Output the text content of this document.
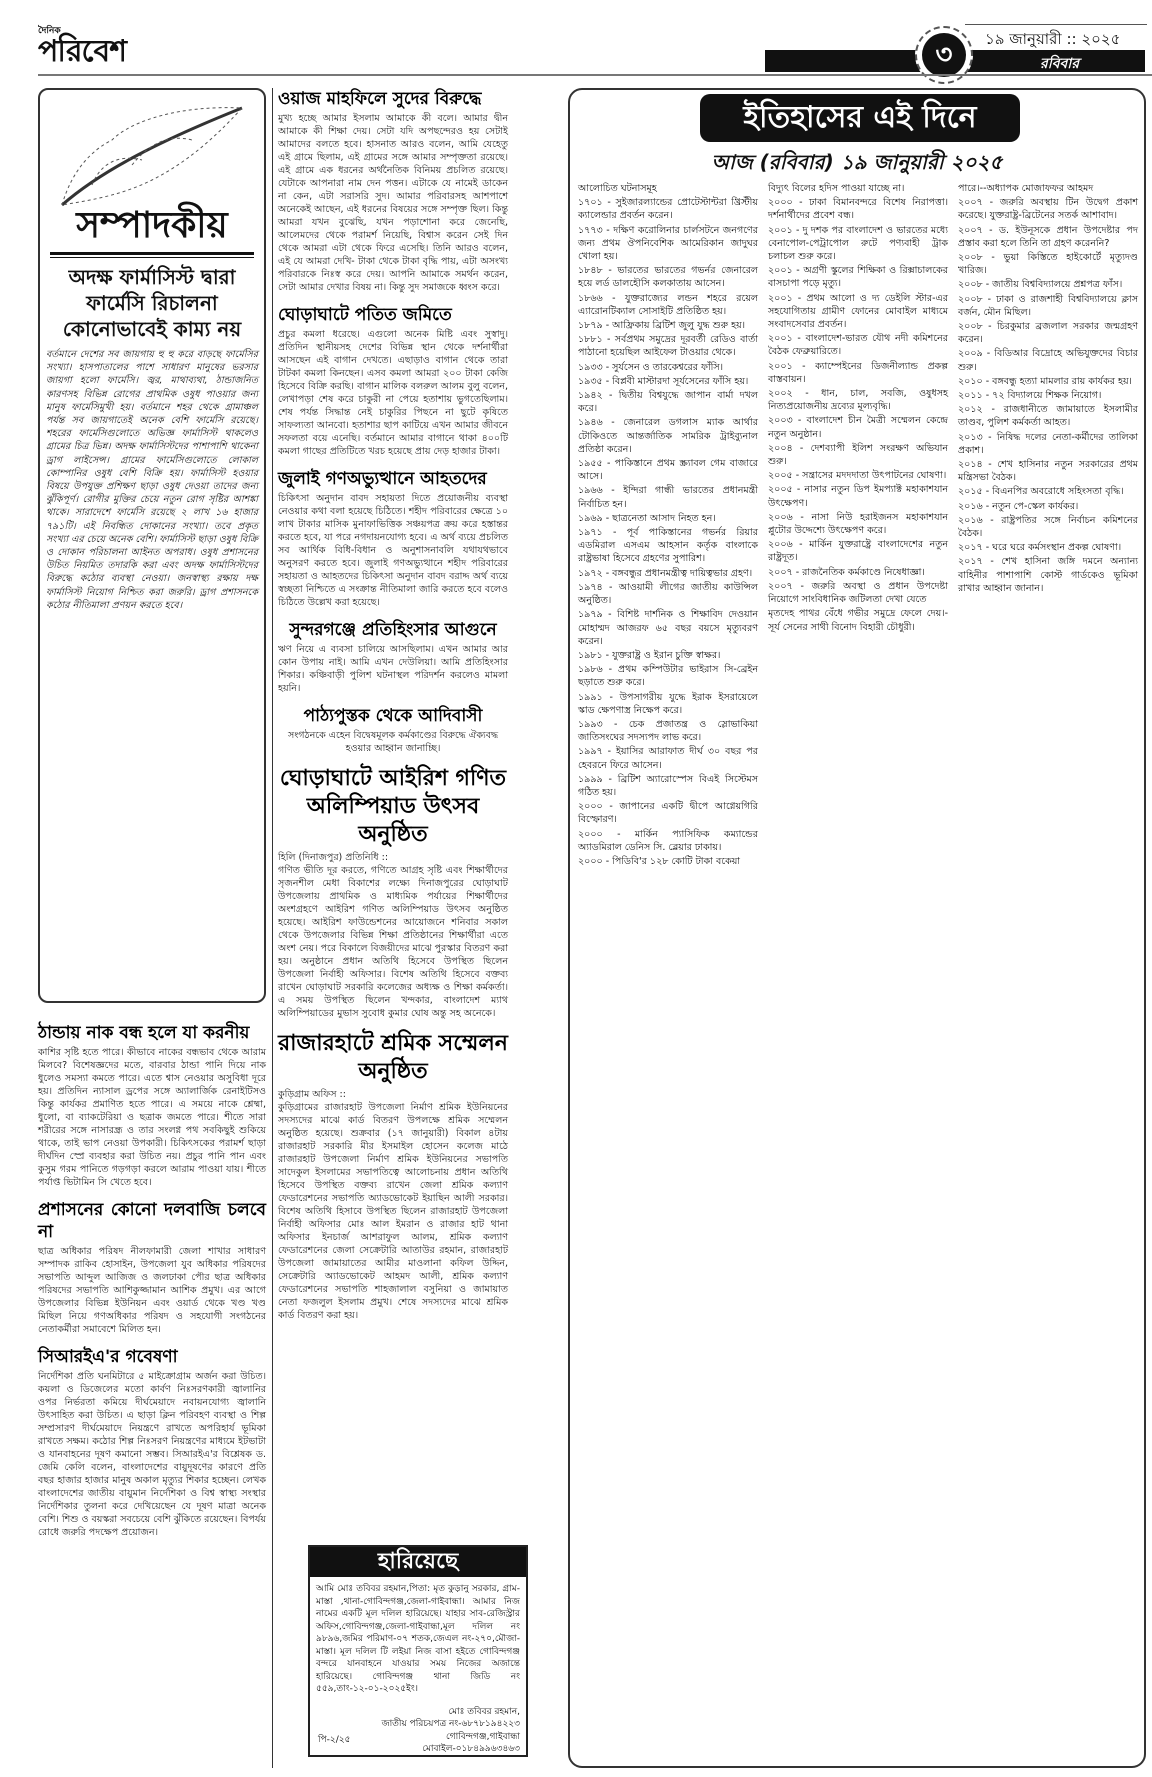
দৈনিক
পরিবেশ	৩
১৯ জানুয়ারী :: ২০২৫
রবিবার
সম্পাদকীয়
অদক্ষ ফার্মাসিস্ট দ্বারা ফার্মেসি রিচালনা কোনোভাবেই কাম্য নয়
বর্তমানে দেশের সব জায়গায় হু হু করে বাড়ছে ফার্মেসির সংখ্যা। হাসপাতালের পাশে সাধারণ মানুষের ভরসার জায়গা হলো ফার্মেসি। জ্বর, মাথাব্যথা, ঠান্ডাজনিত কারণসহ বিভিন্ন রোগের প্রাথমিক ওষুধ পাওয়ার জন্য মানুষ ফার্মেসিমুখী হয়। বর্তমানে শহর থেকে গ্রামাঞ্চল পর্যন্ত সব জায়গাতেই অনেক বেশি ফার্মেসি রয়েছে। শহরের ফার্মেসিগুলোতে অভিজ্ঞ ফার্মাসিস্ট থাকলেও গ্রামের চিত্র ভিন্ন। অদক্ষ ফার্মাসিস্টদের পাশাপাশি থাকেনা ড্রাগ লাইসেন্স। গ্রামের ফার্মেসিগুলোতে লোকাল কোম্পানির ওষুধ বেশি বিক্রি হয়। ফার্মাসিস্ট হওয়ার বিষয়ে উপযুক্ত প্রশিক্ষণ ছাড়া ওষুধ দেওয়া তাদের জন্য ঝুঁকিপূর্ণ। রোগীর মুক্তির চেয়ে নতুন রোগ সৃষ্টির আশঙ্কা থাকে। সারাদেশে ফার্মেসি রয়েছে ২ লাখ ১৬ হাজার ৭৯১টি। এই নিবন্ধিত দোকানের সংখ্যা। তবে প্রকৃত সংখ্যা এর চেয়ে অনেক বেশি। ফার্মাসিস্ট ছাড়া ওষুধ বিক্রি ও দোকান পরিচালনা আইনত অপরাধ। ওষুধ প্রশাসনের উচিত নিয়মিত তদারকি করা এবং অদক্ষ ফার্মাসিস্টদের বিরুদ্ধে কঠোর ব্যবস্থা নেওয়া। জনস্বাস্থ্য রক্ষায় দক্ষ ফার্মাসিস্ট নিয়োগ নিশ্চিত করা জরুরি। ড্রাগ প্রশাসনকে কঠোর নীতিমালা প্রণয়ন করতে হবে।
ঠান্ডায় নাক বন্ধ হলে যা করনীয়
কাশির সৃষ্টি হতে পারে। কীভাবে নাকের বন্ধভাব থেকে আরাম মিলবে? বিশেষজ্ঞদের মতে, বারবার ঠান্ডা পানি দিয়ে নাক ধুলেও সমস্যা কমতে পারে। এতে শ্বাস নেওয়ার অসুবিধা দূরে হয়। প্রতিদিন ন্যাসাল ড্রপের সঙ্গে অ্যালার্জিক রেনাইটিসও কিন্তু কার্যকর প্রমাণিত হতে পারে। এ সময়ে নাকে শ্লেষ্মা, ধুলো, বা ব্যাকটেরিয়া ও ছত্রাক জমতে পারে। শীতে সারা শরীরের সঙ্গে নাসারন্ধ্র ও তার সংলগ্ন পথ সবকিছুই শুকিয়ে থাকে, তাই ভাপ নেওয়া উপকারী। চিকিৎসকের পরামর্শ ছাড়া দীর্ঘদিন স্প্রে ব্যবহার করা উচিত নয়। প্রচুর পানি পান এবং কুসুম গরম পানিতে গড়গড়া করলে আরাম পাওয়া যায়। শীতে পর্যাপ্ত ভিটামিন সি খেতে হবে।
প্রশাসনের কোনো দলবাজি চলবে না
ছাত্র অধিকার পরিষদ নীলফামারী জেলা শাখার সাধারণ সম্পাদক রাকিব হোসাইন, উপজেলা যুব অধিকার পরিষদের সভাপতি আব্দুল আজিজ ও জলঢাকা পৌর ছাত্র অধিকার পরিষদের সভাপতি আশিকুজ্জামান আশিক প্রমুখ। এর আগে উপজেলার বিভিন্ন ইউনিয়ন এবং ওয়ার্ড থেকে খণ্ড খণ্ড মিছিল নিয়ে গণঅধিকার পরিষদ ও সহযোগী সংগঠনের নেতাকর্মীরা সমাবেশে মিলিত হন।
সিআরইএ'র গবেষণা
নির্দেশিকা প্রতি ঘনমিটারে ৫ মাইক্রোগ্রাম অর্জন করা উচিত। কয়লা ও ডিজেলের মতো কার্বণ নিঃসরণকারী জ্বালানির ওপর নির্ভরতা কমিয়ে দীর্ঘমেয়াদে নবায়নযোগ্য জ্বালানি উৎসাহিত করা উচিত। এ ছাড়া ক্লিন পরিবহণ ব্যবস্থা ও শিল্প সম্প্রসারণ দীর্ঘমেয়াদে নিয়ন্ত্রণে রাখতে অপরিহার্য ভূমিকা রাখতে সক্ষম। কঠোর শিল্প নিঃসরণ নিয়ন্ত্রণের মাধ্যমে ইটভাটা ও যানবাহনের দূষণ কমানো সম্ভব। সিআরইএ'র বিশ্লেষক ড. জেমি কেলি বলেন, বাংলাদেশের বায়ুদূষণের কারণে প্রতি বছর হাজার হাজার মানুষ অকাল মৃত্যুর শিকার হচ্ছেন। লেখক বাংলাদেশের জাতীয় বায়ুমান নির্দেশিকা ও বিশ্ব স্বাস্থ্য সংস্থার নির্দেশিকার তুলনা করে দেখিয়েছেন যে দূষণ মাত্রা অনেক বেশি। শিশু ও বয়স্করা সবচেয়ে বেশি ঝুঁকিতে রয়েছেন। বিপর্যয় রোধে জরুরি পদক্ষেপ প্রয়োজন।
ওয়াজ মাহফিলে সুদের বিরুদ্ধে
মুখ্য হচ্ছে আমার ইসলাম আমাকে কী বলে। আমার দ্বীন আমাকে কী শিক্ষা দেয়। সেটা যদি অপছন্দেরও হয় সেটাই আমাদের বলতে হবে। হাসনাত আরও বলেন, আমি যেহেতু এই গ্রামে ছিলাম, এই গ্রামের সঙ্গে আমার সম্পৃক্ততা রয়েছে। এই গ্রামে এক ধরনের অর্থনৈতিক বিনিময় প্রচলিত রয়েছে। যেটাকে আপনারা নাম দেন পত্তন। এটাকে যে নামেই ডাকেন না কেন, এটা সরাসরি সুদ। আমার পরিবারসহ আশপাশে অনেকেই আছেন, এই ধরনের বিষয়ের সঙ্গে সম্পৃক্ত ছিল। কিন্তু আমরা যখন বুঝেছি, যখন পড়াশোনা করে জেনেছি, আলেমদের থেকে পরামর্শ নিয়েছি, বিশ্বাস করেন সেই দিন থেকে আমরা এটা থেকে ফিরে এসেছি। তিনি আরও বলেন, এই যে আমরা দেখি- টাকা থেকে টাকা বৃদ্ধি পায়, এটা অসংখ্য পরিবারকে নিঃস্ব করে দেয়। আপনি আমাকে সমর্থন করেন, সেটা আমার দেখার বিষয় না। কিন্তু সুদ সমাজকে ধ্বংস করে।
ঘোড়াঘাটে পতিত জমিতে
প্রচুর কমলা ধরেছে। এগুলো অনেক মিষ্টি এবং সুস্বাদু। প্রতিদিন স্থানীয়সহ দেশের বিভিন্ন স্থান থেকে দর্শনার্থীরা আসছেন এই বাগান দেখতে। এছাড়াও বাগান থেকে তারা টাটকা কমলা কিনছেন। এসব কমলা আমরা ২০০ টাকা কেজি হিসেবে বিক্রি করছি। বাগান মালিক বলরুল আলম বুলু বলেন, লেখাপড়া শেষ করে চাকুরী না পেয়ে হতাশায় ভুগতেছিলাম। শেষ পর্যন্ত সিদ্ধান্ত নেই চাকুরির পিছনে না ছুটে কৃষিতে সাফল্যতা আনবো। হতাশার ছাপ কাটিয়ে এখন আমার জীবনে সফলতা বয়ে এনেছি। বর্তমানে আমার বাগানে থাকা ৪০০টি কমলা গাছের প্রতিটিতে খরচ হয়েছে প্রায় দেড় হাজার টাকা।
জুলাই গণঅভ্যুত্থানে আহতদের
চিকিৎসা অনুদান বাবদ সহায়তা দিতে প্রয়োজনীয় ব্যবস্থা নেওয়ার কথা বলা হয়েছে চিঠিতে। শহীদ পরিবারের ক্ষেত্রে ১০ লাখ টাকার মাসিক মুনাফাভিত্তিক সঞ্চয়পত্র ক্রয় করে হস্তান্তর করতে হবে, যা পরে নগদায়নযোগ্য হবে। এ অর্থ ব্যয়ে প্রচলিত সব আর্থিক বিধি-বিধান ও অনুশাসনাবলি যথাযথভাবে অনুসরণ করতে হবে। জুলাই গণঅভ্যুত্থানে শহীদ পরিবারের সহায়তা ও আহতদের চিকিৎসা অনুদান বাবদ বরাদ্দ অর্থ ব্যয়ে স্বচ্ছতা নিশ্চিতে এ সংক্রান্ত নীতিমালা জারি করতে হবে বলেও চিঠিতে উল্লেখ করা হয়েছে।
সুন্দরগঞ্জে প্রতিহিংসার আগুনে
ঋণ নিয়ে এ ব্যবসা চালিয়ে আসছিলাম। এখন আমার আর কোন উপায় নাই। আমি এখন দেউলিয়া। আমি প্রতিহিংসার শিকার। কঞ্চিবাড়ী পুলিশ ঘটনাস্থল পরিদর্শন করলেও মামলা হয়নি।
পাঠ্যপুস্তক থেকে আদিবাসী
সংগঠনকে এহেন বিদ্বেষমূলক কর্মকাণ্ডের বিরুদ্ধে ঐক্যবদ্ধ হওয়ার আহ্বান জানাচ্ছি।
ঘোড়াঘাটে আইরিশ গণিত অলিম্পিয়াড উৎসব অনুষ্ঠিত
হিলি (দিনাজপুর) প্রতিনিধি ::
গণিত ভীতি দূর করতে, গণিতে আগ্রহ সৃষ্টি এবং শিক্ষার্থীদের সৃজনশীল মেধা বিকাশের লক্ষ্যে দিনাজপুরের ঘোড়াঘাট উপজেলায় প্রাথমিক ও মাধ্যমিক পর্যায়ের শিক্ষার্থীদের অংশগ্রহণে আইরিশ গণিত অলিম্পিয়াড উৎসব অনুষ্ঠিত হয়েছে। আইরিশ ফাউন্ডেশনের আয়োজনে শনিবার সকাল থেকে উপজেলার বিভিন্ন শিক্ষা প্রতিষ্ঠানের শিক্ষার্থীরা এতে অংশ নেয়। পরে বিকালে বিজয়ীদের মাঝে পুরস্কার বিতরণ করা হয়। অনুষ্ঠানে প্রধান অতিথি হিসেবে উপস্থিত ছিলেন উপজেলা নির্বাহী অফিসার। বিশেষ অতিথি হিসেবে বক্তব্য রাখেন ঘোড়াঘাট সরকারি কলেজের অধ্যক্ষ ও শিক্ষা কর্মকর্তা। এ সময় উপস্থিত ছিলেন খন্দকার, বাংলাদেশ ম্যাথ অলিম্পিয়াডের মুভাস সুবোধ কুমার ঘোষ অন্তু সহ অনেকে।
রাজারহাটে শ্রমিক সম্মেলন অনুষ্ঠিত
কুড়িগ্রাম অফিস ::
কুড়িগ্রামের রাজারহাট উপজেলা নির্মাণ শ্রমিক ইউনিয়নের সদস্যদের মাঝে কার্ড বিতরণ উপলক্ষে শ্রমিক সম্মেলন অনুষ্ঠিত হয়েছে। শুক্রবার (১৭ জানুয়ারী) বিকাল ৪টায় রাজারহাট সরকারি মীর ইসমাইল হোসেন কলেজ মাঠে রাজারহাট উপজেলা নির্মাণ শ্রমিক ইউনিয়নের সভাপতি সাদেকুল ইসলামের সভাপতিত্বে আলোচনায় প্রধান অতিথি হিসেবে উপস্থিত বক্তব্য রাখেন জেলা শ্রমিক কল্যাণ ফেডারেশনের সভাপতি অ্যাডভোকেট ইয়াছিন আলী সরকার। বিশেষ অতিথি হিসাবে উপস্থিত ছিলেন রাজারহাট উপজেলা নির্বাহী অফিসার মোঃ আল ইমরান ও রাজার হাট থানা অফিসার ইনচার্জ আশরাফুল আলম, শ্রমিক কল্যাণ ফেডারেশনের জেলা সেক্রেটারি আতাউর রহমান, রাজারহাট উপজেলা জামায়াতের আমীর মাওলানা কফিল উদ্দিন, সেক্রেটারি অ্যাডভোকেট আহমদ আলী, শ্রমিক কল্যাণ ফেডারেশনের সভাপতি শাহজালাল বসুনিয়া ও জামায়াত নেতা ফজলুল ইসলাম প্রমুখ। শেষে সদস্যদের মাঝে শ্রমিক কার্ড বিতরণ করা হয়।
হারিয়েছে
আমি মোঃ তবিবর রহমান,পিতা: মৃত কুড়ানু সরকার, গ্রাম-মাস্তা ,থানা-গোবিন্দগঞ্জ,জেলা-গাইবান্ধা। আমার নিজ নামের একটি মূল দলিল হারিয়েছে। যাহার সাব-রেজিস্ট্রার অফিস,গোবিন্দগঞ্জ,জেলা-গাইবান্ধা,মূল দলিল নং ৯৮৯৬,জমির পরিমাণ-০৭ শতক,জেএল নং-২৭০,মৌজা-মাস্তা। মূল দলিল টি লইয়া নিজ বাসা হইতে গোবিন্দগঞ্জ বন্দরে যানবাহনে যাওয়ার সময় নিজের অজান্তে হারিয়েছে। গোবিন্দগঞ্জ থানা জিডি নং ৫৫৯,তাং-১২-০১-২০২৫ইং।
মোঃ তবিবর রহমান,
জাতীয় পরিচয়পত্র নং-৬৮৭৮১৯৪২২৩
গোবিন্দগঞ্জ,গাইবান্ধা
মোবাইল-০১৮৪৯৯৬৩৪৬৩
পি-২/২৫
ইতিহাসের এই দিনে
আজ (রবিবার) ১৯ জানুয়ারী ২০২৫

আলোচিত ঘটনাসমূহ

১৭০১ - সুইজারল্যান্ডের প্রোটেস্টান্টরা খ্রিস্টীয় ক্যালেন্ডার প্রবর্তন করেন।

১৭৭৩ - দক্ষিণ করোলিনার চার্লসটনে জনগণের জন্য প্রথম ঔপনিবেশিক আমেরিকান জাদুঘর খোলা হয়।

১৮৪৮ - ভারতের ভারতের গভর্নর জেনারেল হয়ে লর্ড ডালহৌসি কলকাতায় আসেন।

১৮৬৬ - যুক্তরাজ্যের লন্ডন শহরে রয়েল এ্যারোনটিক্যাল সোসাইটি প্রতিষ্ঠিত হয়।

১৮৭৯ - আফ্রিকায় ব্রিটিশ জুলু যুদ্ধ শুরু হয়।

১৮৮১ - সর্বপ্রথম সমুদ্রের দূরবর্তী রেডিও বার্তা পাঠানো হয়েছিল আইফেল টাওয়ার থেকে।

১৯৩৩ - সুর্যসেন ও তারকেশ্বরের ফাঁসি।

১৯৩৫ - বিপ্লবী মাস্টারদা সূর্যসেনের ফাঁসি হয়।

১৯৪২ - দ্বিতীয় বিশ্বযুদ্ধে জাপান বার্মা দখল করে।

১৯৪৬ - জেনারেল ডগলাস ম্যাক আর্থার টোকিওতে আন্তর্জাতিক সামরিক ট্রাইব্যুনাল প্রতিষ্ঠা করেন।

১৯৫৫ - পাকিস্তানে প্রথম স্ক্র্যাবল গেম বাজারে আসে।

১৯৬৬ - ইন্দিরা গান্ধী ভারতের প্রধানমন্ত্রী নির্বাচিত হন।

১৯৬৯ - ছাত্রনেতা আসাদ নিহত হন।

১৯৭১ - পূর্ব পাকিস্তানের গভর্নর রিয়ার এডমিরাল এসএম আহসান কর্তৃক বাংলাকে রাষ্ট্রভাষা হিসেবে গ্রহণের সুপারিশ।

১৯৭২ - বঙ্গবন্ধুর প্রধানমন্ত্রীত্ব দায়িত্বভার গ্রহণ।

১৯৭৪ - আওয়ামী লীগের জাতীয় কাউন্সিল অনুষ্ঠিত।

১৯৭৯ - বিশিষ্ট দার্শনিক ও শিক্ষাবিদ দেওয়ান মোহাম্মদ আজরফ ৬৫ বছর বয়সে মৃত্যুবরণ করেন।

১৯৮১ - যুক্তরাষ্ট্র ও ইরান চুক্তি স্বাক্ষর।

১৯৮৬ - প্রথম কম্পিউটার ভাইরাস সি-ব্রেইন ছড়াতে শুরু করে।

১৯৯১ - উপসাগরীয় যুদ্ধে ইরাক ইসরায়েলে স্কাড ক্ষেপণাস্ত্র নিক্ষেপ করে।

১৯৯৩ - চেক প্রজাতন্ত্র ও স্লোভাকিয়া জাতিসংঘের সদস্যপদ লাভ করে।

১৯৯৭ - ইয়াসির আরাফাত দীর্ঘ ৩০ বছর পর হেবরনে ফিরে আসেন।

১৯৯৯ - ব্রিটিশ অ্যারোস্পেস বিএই সিস্টেমস গঠিত হয়।

২০০০ - জাপানের একটি দ্বীপে আগ্নেয়গিরি বিস্ফোরণ।

২০০০ - মার্কিন প্যাসিফিক কম্যান্ডের অ্যাডমিরাল ডেনিস সি. ব্লেয়ার ঢাকায়।

২০০০ - পিডিবি'র ১২৮ কোটি টাকা বকেয়া

বিদ্যুৎ বিলের হদিস পাওয়া যাচ্ছে না।

২০০০ - ঢাকা বিমানবন্দরে বিশেষ নিরাপত্তা। দর্শনার্থীদের প্রবেশ বন্ধ।

২০০১ - দু দশক পর বাংলাদেশ ও ভারতের মধ্যে বেনাপোল-পেট্রাপোল রুটে পণ্যবাহী ট্রাক চলাচল শুরু করে।

২০০১ - অগ্রণী স্কুলের শিক্ষিকা ও রিক্সাচালকের বাসচাপা পড়ে মৃত্যু।

২০০১ - প্রথম আলো ও দ্য ডেইলি স্টার-এর সহযোগিতায় গ্রামীণ ফোনের মোবাইল মাধ্যমে সংবাদসেবার প্রবর্তন।

২০০১ - বাংলাদেশ-ভারত যৌথ নদী কমিশনের বৈঠক ফেব্রুয়ারিতে।

২০০১ - ক্যাম্পেইনের ডিজনীল্যান্ড প্রকল্প বাস্তবায়ন।

২০০২ - ধান, চাল, সবজি, ওষুধসহ নিত্যপ্রয়োজনীয় দ্রব্যের মূল্যবৃদ্ধি।

২০০৩ - বাংলাদেশ চীন মৈত্রী সম্মেলন কেন্দ্রে নতুন অনুষ্ঠান।

২০০৪ - দেশব্যাপী ইলিশ সংরক্ষণ অভিযান শুরু।

২০০৫ - সন্ত্রাসের মদদদাতা উৎপাটনের ঘোষণা।

২০০৫ - নাসার নতুন ডিপ ইমপ্যাক্ট মহাকাশযান উৎক্ষেপণ।

২০০৬ - নাসা নিউ হরাইজনস মহাকাশযান প্লুটোর উদ্দেশ্যে উৎক্ষেপণ করে।

২০০৬ - মার্কিন যুক্তরাষ্ট্রে বাংলাদেশের নতুন রাষ্ট্রদূত।

২০০৭ - রাজনৈতিক কর্মকাণ্ডে নিষেধাজ্ঞা।

২০০৭ - জরুরি অবস্থা ও প্রধান উপদেষ্টা নিয়োগে সাংবিধানিক জটিলতা দেখা যেতে

মৃতদেহ পাথর বেঁধে গভীর সমুদ্রে ফেলে দেয়।-সূর্য সেনের সাথী বিনোদ বিহারী চৌধুরী।

পারে।--অধ্যাপক মোজাফফর আহমদ

২০০৭ - জরুরি অবস্থায় টিন উদ্বেগ প্রকাশ করেছে। যুক্তরাষ্ট্র-ব্রিটেনের সতর্ক আশাবাদ।

২০০৭ - ড. ইউনূসকে প্রধান উপদেষ্টার পদ প্রস্তাব করা হলে তিনি তা গ্রহণ করেননি?

২০০৮ - ভুয়া কিস্তিতে হাইকোর্টে মৃত্যুদণ্ড খারিজ।

২০০৮ - জাতীয় বিশ্ববিদ্যালয়ে প্রশ্নপত্র ফাঁস।

২০০৮ - ঢাকা ও রাজশাহী বিশ্ববিদ্যালয়ে ক্লাস বর্জন, মৌন মিছিল।

২০০৮ - চিরকুমার ব্রজলাল সরকার জন্মগ্রহণ করেন।

২০০৯ - বিডিআর বিদ্রোহে অভিযুক্তদের বিচার শুরু।

২০১০ - বঙ্গবন্ধু হত্যা মামলার রায় কার্যকর হয়।

২০১১ - ৭২ বিদ্যালয়ে শিক্ষক নিয়োগ।

২০১২ - রাজধানীতে জামায়াতে ইসলামীর তাণ্ডব, পুলিশ কর্মকর্তা আহত।

২০১৩ - নিষিদ্ধ দলের নেতা-কর্মীদের তালিকা প্রকাশ।

২০১৪ - শেখ হাসিনার নতুন সরকারের প্রথম মন্ত্রিসভা বৈঠক।

২০১৫ - বিএনপির অবরোধে সহিংসতা বৃদ্ধি।

২০১৬ - নতুন পে-স্কেল কার্যকর।

২০১৬ - রাষ্ট্রপতির সঙ্গে নির্বাচন কমিশনের বৈঠক।

২০১৭ - ঘরে ঘরে কর্মসংস্থান প্রকল্প ঘোষণা।

২০১৭ - শেখ হাসিনা জঙ্গি দমনে অন্যান্য বাহিনীর পাশাপাশি কোস্ট গার্ডকেও ভূমিকা রাখার আহ্বান জানান।
